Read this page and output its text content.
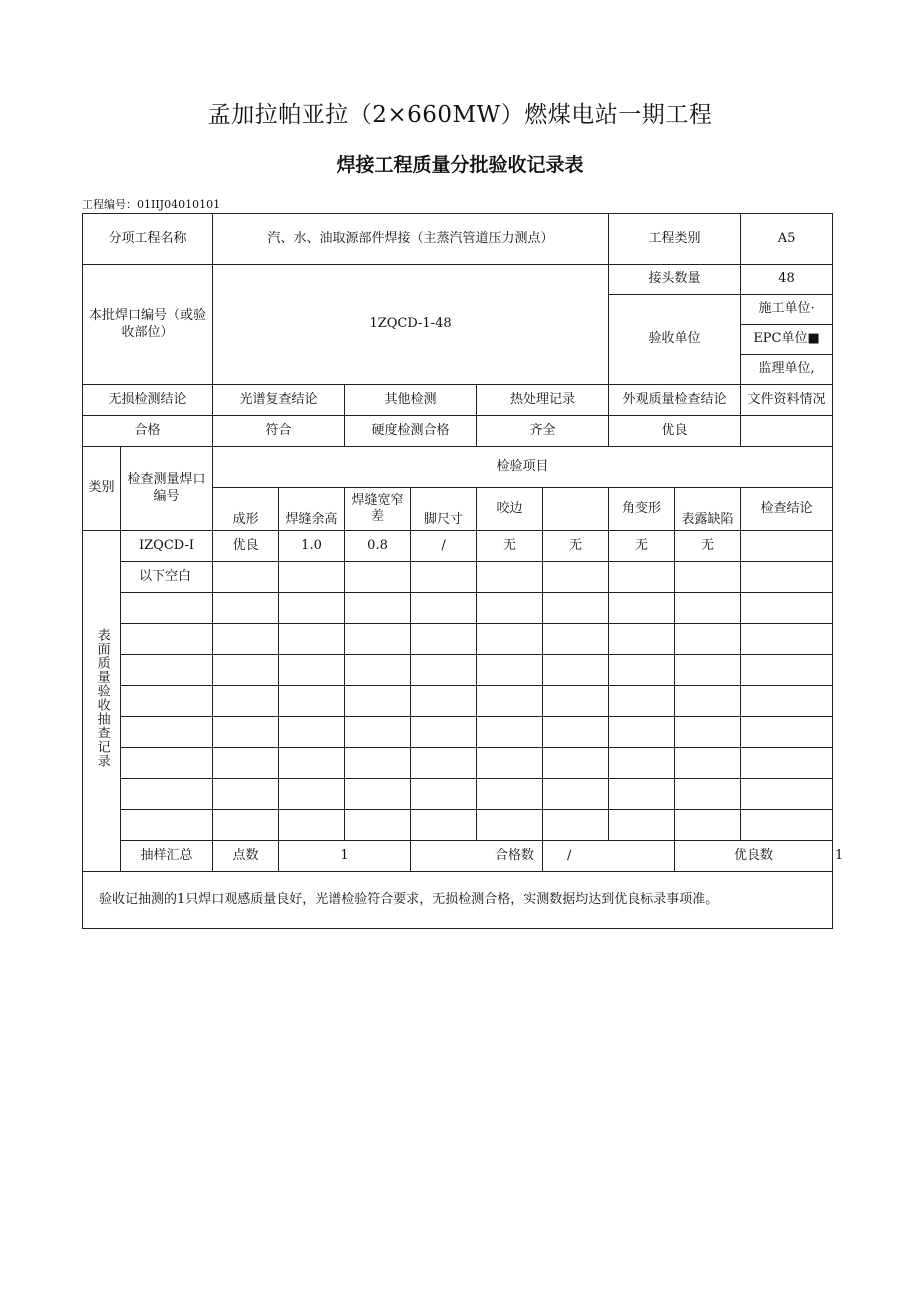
孟加拉帕亚拉（2×660MW）燃煤电站一期工程
焊接工程质量分批验收记录表
工程编号：01IIJ04010101
分项工程名称		汽、水、油取源部件焊接（主蒸汽管道压力测点）						工程类别		A5	
本批焊口编号（或验收部位）		1ZQCD-1-48						接头数量		48	
								验收单位		施工单位·	
										EPC单位■	
										监理单位,	
无损检测结论		光谱复查结论		其他检测		热处理记录		外观质量检查结论		文件资料情况	
合格		符合		硬度检测合格		齐全		优良			
类别	检查测量焊口编号	检验项目									
		成形	焊缝余高	焊缝宽窄差	脚尺寸	咬边		角变形	表露缺陷	检查结论	
表面质量验收抽查记录	IZQCD-I	优良	1.0	0.8	/	无	无	无	无		
	以下空白										

	抽样汇总	点数	1		合格数		/		优良数		1
验收记抽测的1只焊口观感质量良好，光谱检验符合要求，无损检测合格，实测数据均达到优良标录事项准。											
